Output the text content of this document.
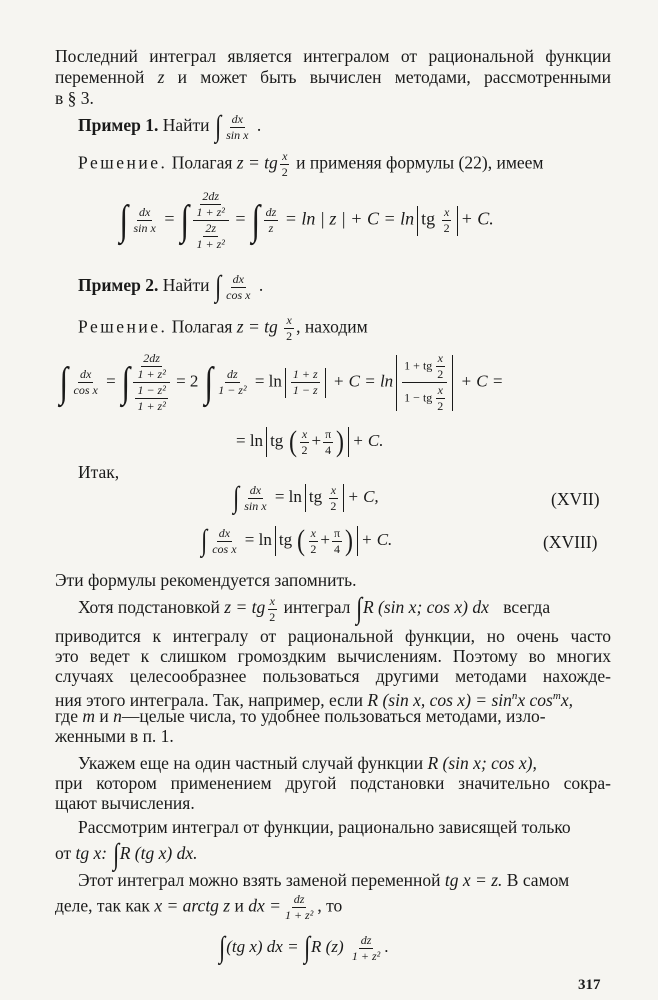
Последний интеграл является интегралом от рациональной функции
переменной z и может быть вычислен методами, рассмотренными
в § 3.
Пример 1. Найти ∫ $\frac{dx}{\text{sin x}}$ .
Решение. Полагая z = tg $\frac{x}{2}$ и применяя формулы (22), имеем
∫ $\frac{dx}{\text{sin x}}$ = ∫ $\frac{\frac{2dz}{\text{1 + z²}}}{\frac{2z}{\text{1 + z²}}}$ = ∫ $\frac{dz}{z} = \ln$ | z | + C = ln tg $\frac{x}{2} + C$.
Пример 2. Найти ∫ $\frac{dx}{\text{cos x}}$ .
Решение. Полагая z = tg $\frac{x}{2}$ , находим
∫ $\frac{dx}{\text{cos x}}$ = ∫ $\frac{\frac{2dz}{\text{1 + z²}}}{\frac{\text{1 − z²}}{\text{1 + z²}}} = 2$ ∫ $\frac{dz}{\text{1 − z²}} = \ln \frac{1 + z}{1 - z} + C = \ln \frac{1 + tg \frac{x}{2}}{1 - tg \frac{x}{2}} + C$ =
= ln tg ( $\frac{x}{2} + \frac{\pi}{4}$ ) + C.
Итак,
∫ $\frac{dx}{\text{sin x}} = \ln$ tg $\frac{x}{2} + C$,	(XVII)
∫ $\frac{dx}{\text{cos x}} = \ln$ tg ( $\frac{x}{2} + \frac{\pi}{4}$ ) + C.	(XVIII)
Эти формулы рекомендуется запомнить.
Хотя подстановкой z = tg $\frac{x}{2}$ интеграл ∫R (sin x; cos x) dx всегда
приводится к интегралу от рациональной функции, но очень часто
это ведет к слишком громоздким вычислениям. Поэтому во многих
случаях целесообразнее пользоваться другими методами нахожде-
ния этого интеграла. Так, например, если R (sin x, $\cos x) = \sin^nx$ $\cos^mx$,
где m и n—целые числа, то удобнее пользоваться методами, изло-
женными в п. 1.
Укажем еще на один частный случай функции R (sin x; cos x),
при котором применением другой подстановки значительно сокра-
щают вычисления.
Рассмотрим интеграл от функции, рационально зависящей только
от tg x: ∫R (tg x) dx.
Этот интеграл можно взять заменой переменной tg x = z. В самом
деле, так как x = arctg z и dx = $\frac{dz}{\text{1 + z²}}$ , то
∫(tg x) dx = ∫R $(z) \frac{dz}{\text{1 + z²}}$ .
317
